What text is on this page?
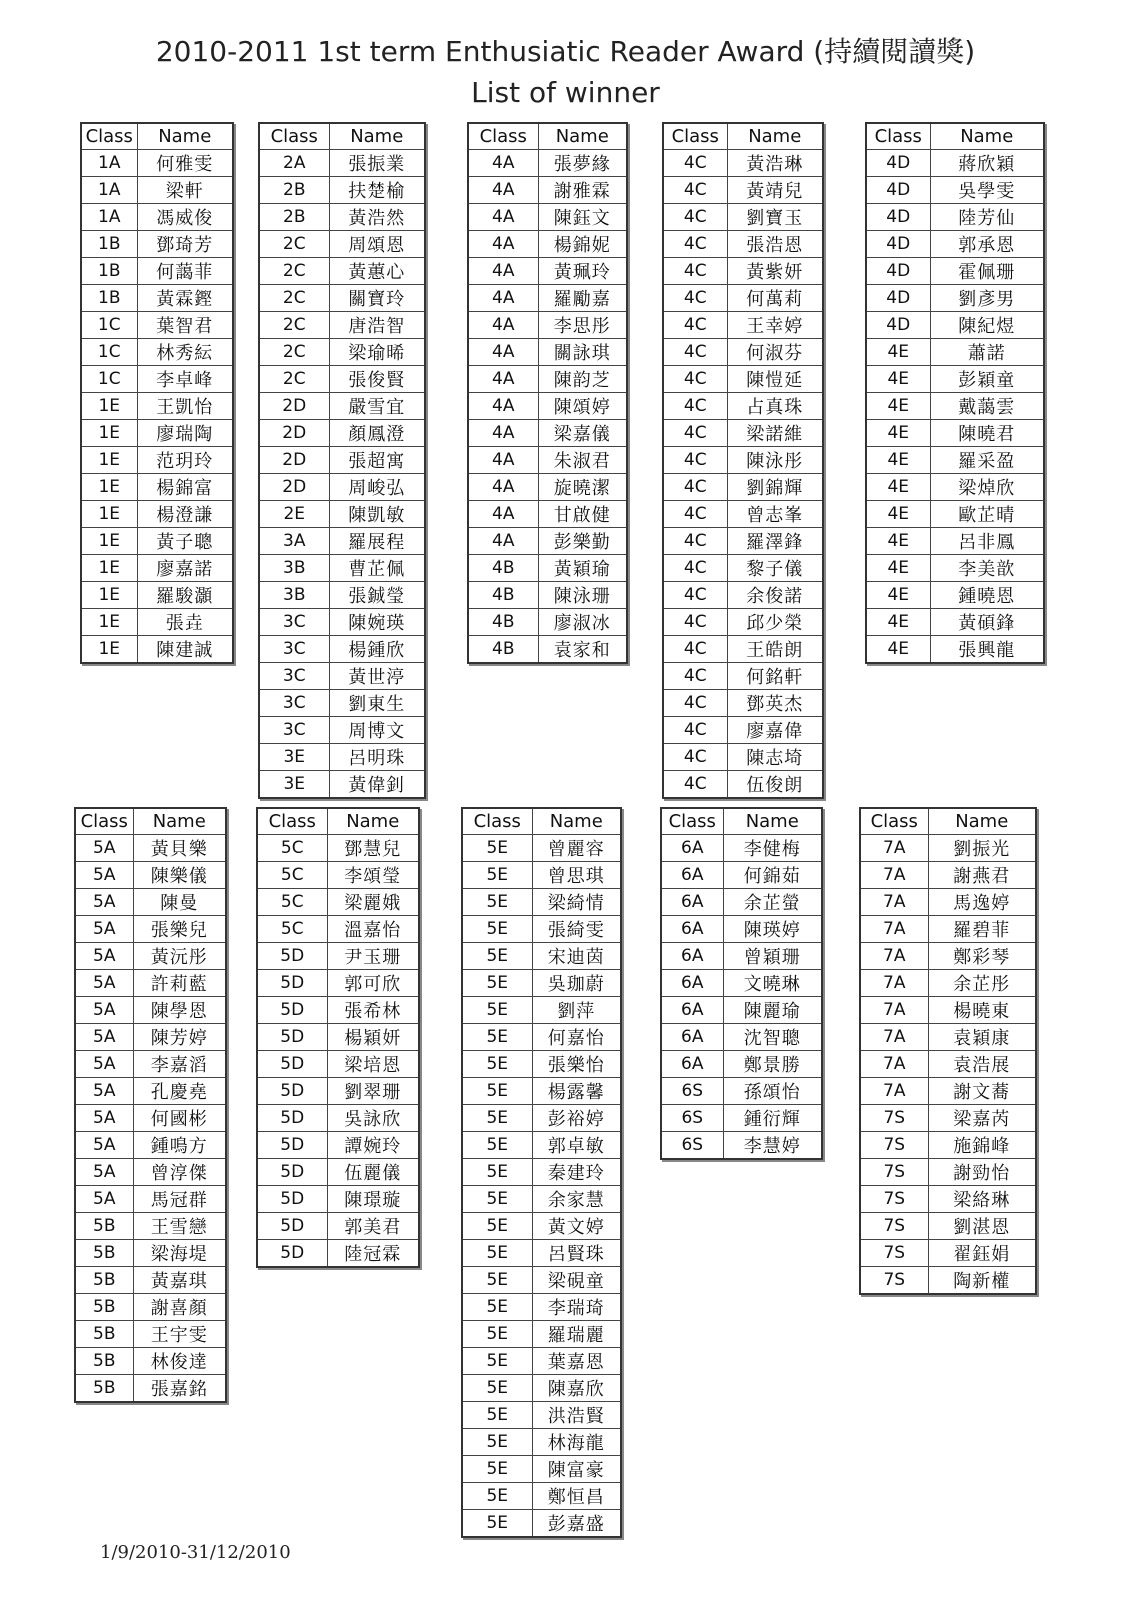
2010-2011 1st term Enthusiatic Reader Award (持續閱讀獎)
List of winner
Class	Name
1A	何雅雯
1A	梁軒
1A	馮威俊
1B	鄧琦芳
1B	何藹菲
1B	黃霖鏗
1C	葉智君
1C	林秀紜
1C	李卓峰
1E	王凱怡
1E	廖瑞陶
1E	范玥玲
1E	楊錦富
1E	楊澄謙
1E	黃子聰
1E	廖嘉諾
1E	羅駿灝
1E	張垚
1E	陳建誠
Class	Name
2A	張振業
2B	扶楚榆
2B	黃浩然
2C	周頌恩
2C	黃蕙心
2C	關寶玲
2C	唐浩智
2C	梁瑜晞
2C	張俊賢
2D	嚴雪宜
2D	顏鳳澄
2D	張超寓
2D	周峻弘
2E	陳凱敏
3A	羅展程
3B	曹芷佩
3B	張鋮瑩
3C	陳婉瑛
3C	楊鍾欣
3C	黃世渟
3C	劉東生
3C	周博文
3E	呂明珠
3E	黃偉釗
Class	Name
4A	張夢緣
4A	謝雅霖
4A	陳鈺文
4A	楊錦妮
4A	黃珮玲
4A	羅勵嘉
4A	李思彤
4A	關詠琪
4A	陳韵芝
4A	陳頌婷
4A	梁嘉儀
4A	朱淑君
4A	旋曉潔
4A	甘啟健
4A	彭樂勤
4B	黃穎瑜
4B	陳泳珊
4B	廖淑冰
4B	袁家和
Class	Name
4C	黃浩琳
4C	黃靖兒
4C	劉寶玉
4C	張浩恩
4C	黃紫妍
4C	何萬莉
4C	王幸婷
4C	何淑芬
4C	陳愷延
4C	占真珠
4C	梁諾維
4C	陳泳彤
4C	劉錦輝
4C	曾志峯
4C	羅澤鋒
4C	黎子儀
4C	余俊諾
4C	邱少榮
4C	王皓朗
4C	何銘軒
4C	鄧英杰
4C	廖嘉偉
4C	陳志埼
4C	伍俊朗
Class	Name
4D	蔣欣穎
4D	吳學雯
4D	陸芳仙
4D	郭承恩
4D	霍佩珊
4D	劉彥男
4D	陳紀煜
4E	蕭諾
4E	彭穎童
4E	戴藹雲
4E	陳曉君
4E	羅采盈
4E	梁焯欣
4E	歐芷晴
4E	呂非鳳
4E	李美歆
4E	鍾曉恩
4E	黃碩鋒
4E	張興龍
Class	Name
5A	黃貝樂
5A	陳樂儀
5A	陳曼
5A	張樂兒
5A	黃沅彤
5A	許莉藍
5A	陳學恩
5A	陳芳婷
5A	李嘉滔
5A	孔慶堯
5A	何國彬
5A	鍾鳴方
5A	曾淳傑
5A	馬冠群
5B	王雪戀
5B	梁海堤
5B	黃嘉琪
5B	謝喜顏
5B	王宇雯
5B	林俊達
5B	張嘉銘
Class	Name
5C	鄧慧兒
5C	李頌瑩
5C	梁麗娥
5C	溫嘉怡
5D	尹玉珊
5D	郭可欣
5D	張希林
5D	楊穎妍
5D	梁培恩
5D	劉翠珊
5D	吳詠欣
5D	譚婉玲
5D	伍麗儀
5D	陳璟璇
5D	郭美君
5D	陸冠霖
Class	Name
5E	曾麗容
5E	曾思琪
5E	梁綺情
5E	張綺雯
5E	宋迪茵
5E	吳珈蔚
5E	劉萍
5E	何嘉怡
5E	張樂怡
5E	楊露馨
5E	彭裕婷
5E	郭卓敏
5E	秦建玲
5E	余家慧
5E	黃文婷
5E	呂賢珠
5E	梁硯童
5E	李瑞琦
5E	羅瑞麗
5E	葉嘉恩
5E	陳嘉欣
5E	洪浩賢
5E	林海龍
5E	陳富豪
5E	鄭恒昌
5E	彭嘉盛
Class	Name
6A	李健梅
6A	何錦茹
6A	余芷螢
6A	陳瑛婷
6A	曾穎珊
6A	文曉琳
6A	陳麗瑜
6A	沈智聰
6A	鄭景勝
6S	孫頌怡
6S	鍾衍輝
6S	李慧婷
Class	Name
7A	劉振光
7A	謝燕君
7A	馬逸婷
7A	羅碧菲
7A	鄭彩琴
7A	余芷彤
7A	楊曉東
7A	袁穎康
7A	袁浩展
7A	謝文蕎
7S	梁嘉芮
7S	施錦峰
7S	謝勁怡
7S	梁絡琳
7S	劉湛恩
7S	翟鈺娟
7S	陶新權
1/9/2010-31/12/2010
